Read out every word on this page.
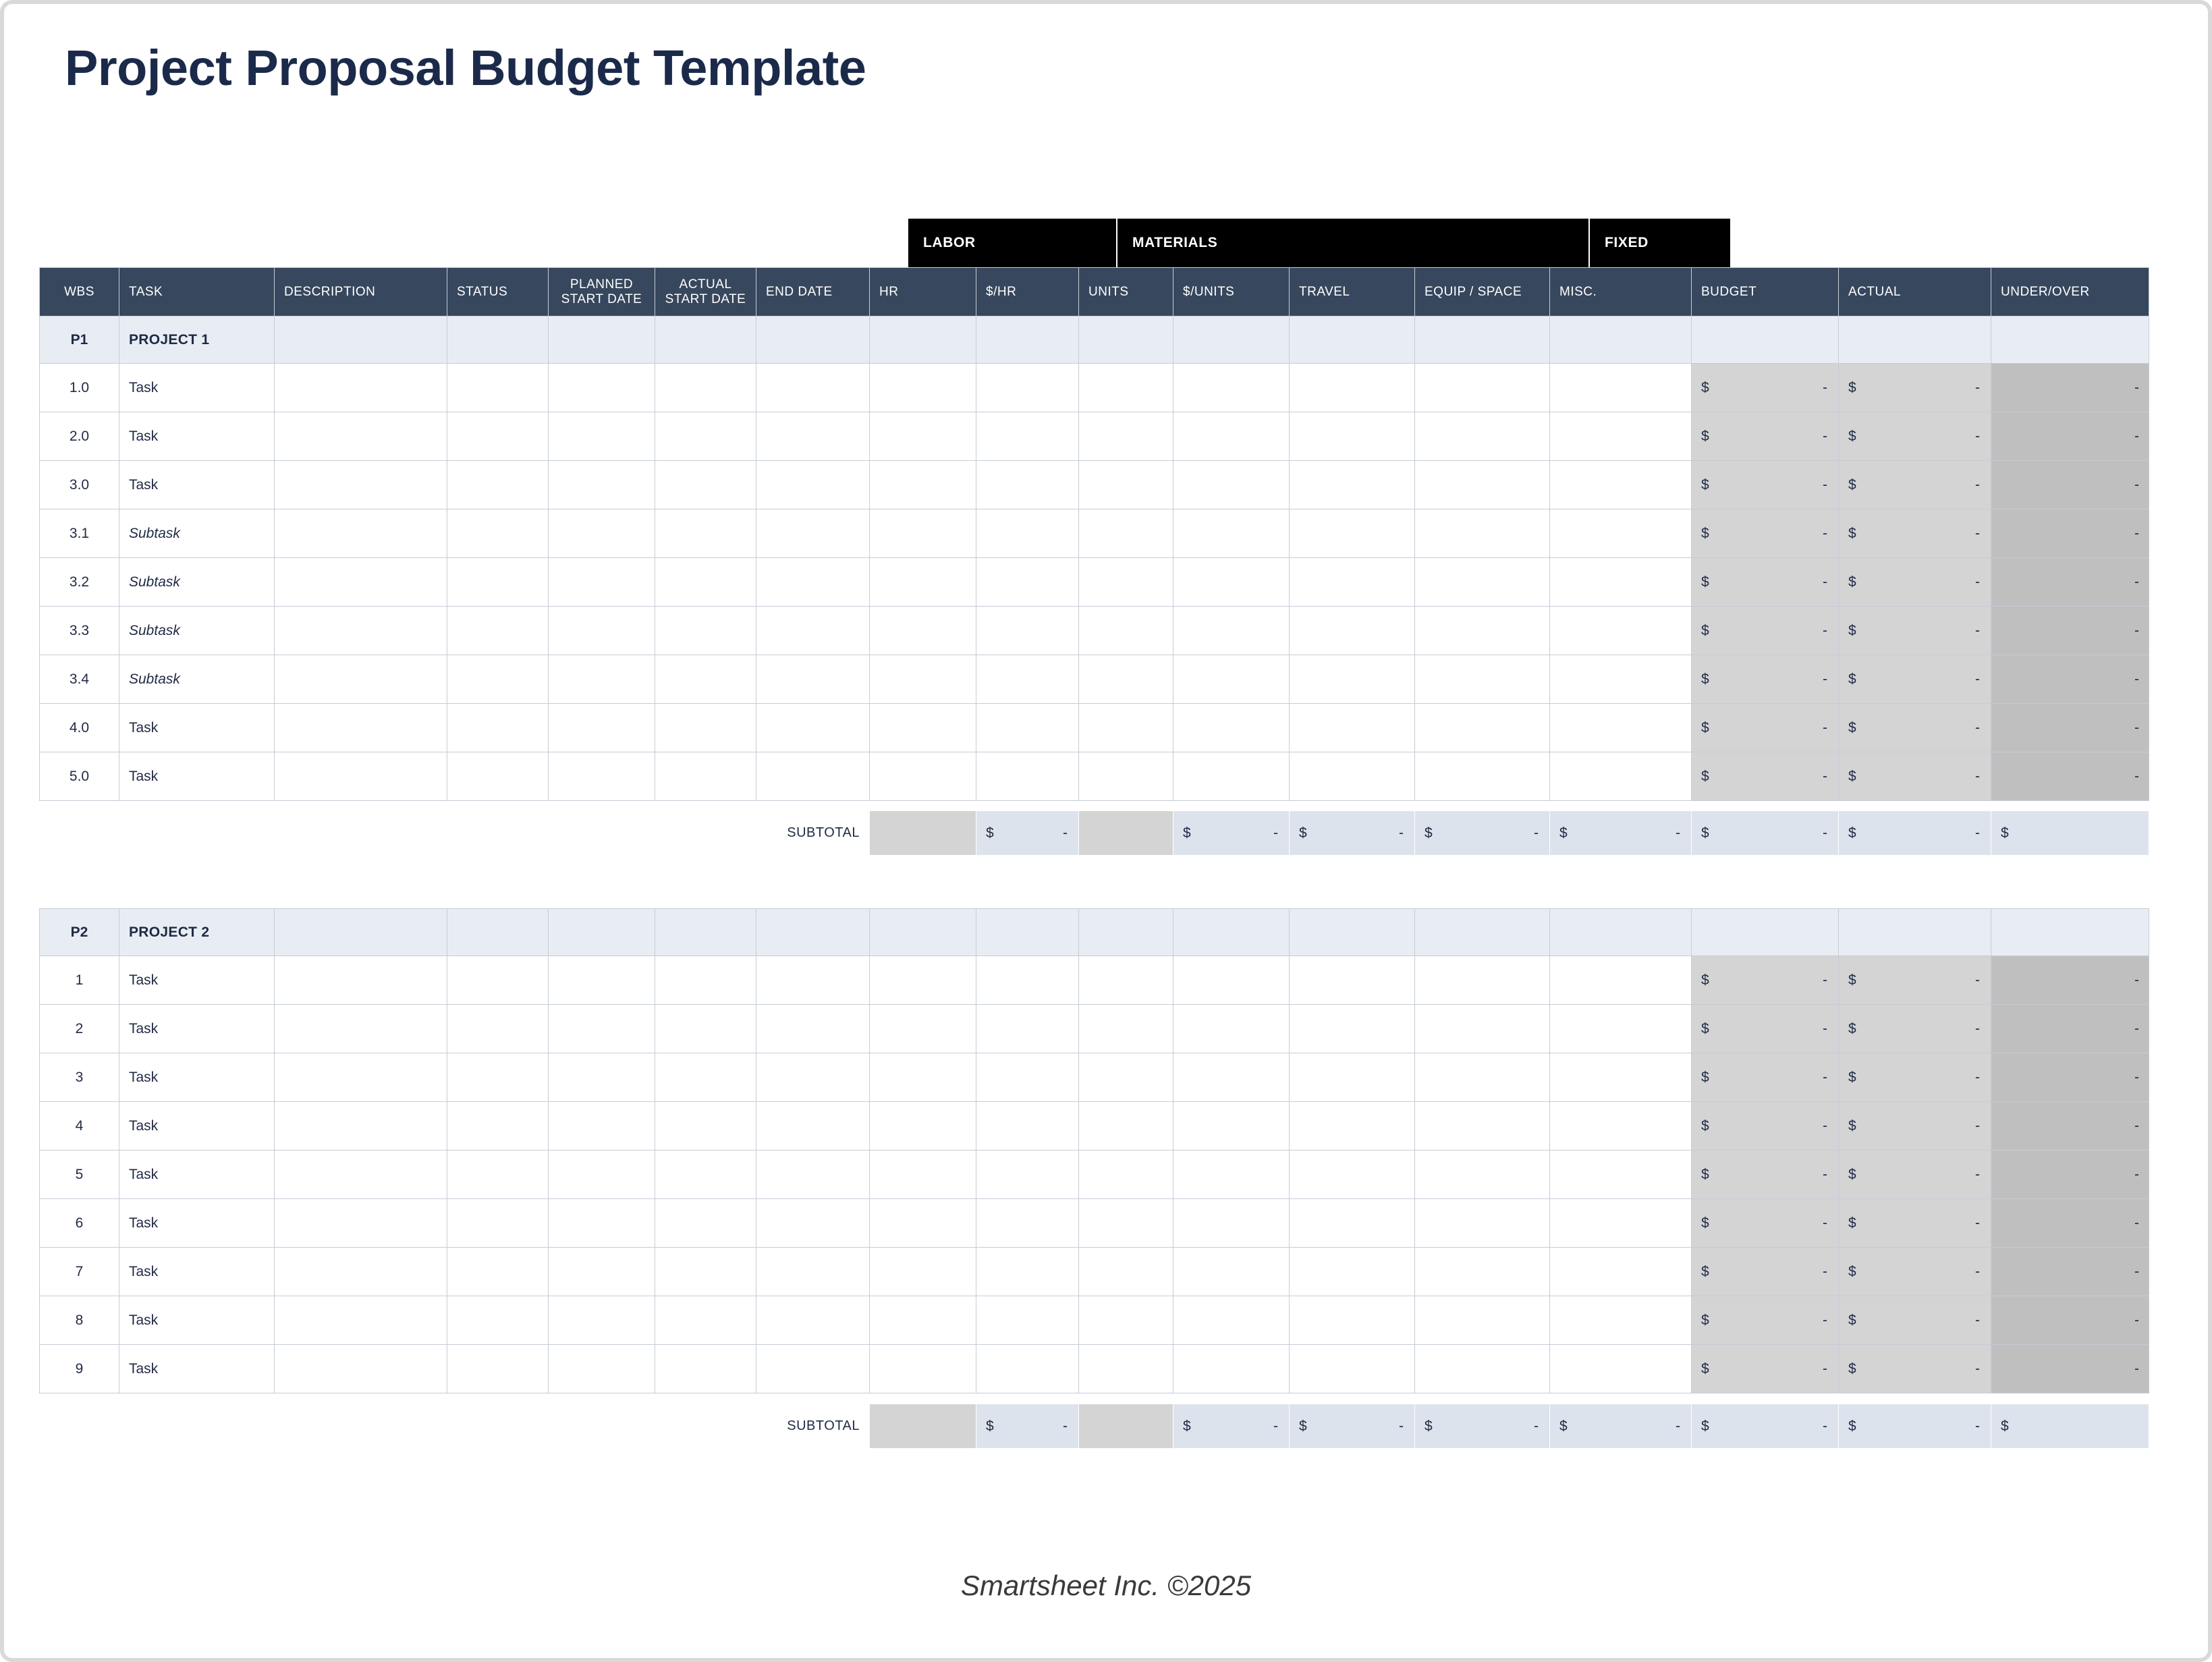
Project Proposal Budget Template
LABOR	MATERIALS	FIXED
WBS	TASK	DESCRIPTION	STATUS	PLANNED START DATE	ACTUAL START DATE	END DATE	HR	$/HR	UNITS	$/UNITS	TRAVEL	EQUIP / SPACE	MISC.	BUDGET	ACTUAL	UNDER/OVER
P1	PROJECT 1															
1.0	Task													$ -	$ -	-
2.0	Task													$ -	$ -	-
3.0	Task													$ -	$ -	-
3.1	Subtask													$ -	$ -	-
3.2	Subtask													$ -	$ -	-
3.3	Subtask													$ -	$ -	-
3.4	Subtask													$ -	$ -	-
4.0	Task													$ -	$ -	-
5.0	Task													$ -	$ -	-
						SUBTOTAL		$	-		$	-	$	-	$	-	$	-	$	-	$	-	$
P2	PROJECT 2															
1	Task													$ -	$ -	-
2	Task													$ -	$ -	-
3	Task													$ -	$ -	-
4	Task													$ -	$ -	-
5	Task													$ -	$ -	-
6	Task													$ -	$ -	-
7	Task													$ -	$ -	-
8	Task													$ -	$ -	-
9	Task													$ -	$ -	-
						SUBTOTAL		$	-		$	-	$	-	$	-	$	-	$	-	$	-	$
Smartsheet Inc. ©2025
